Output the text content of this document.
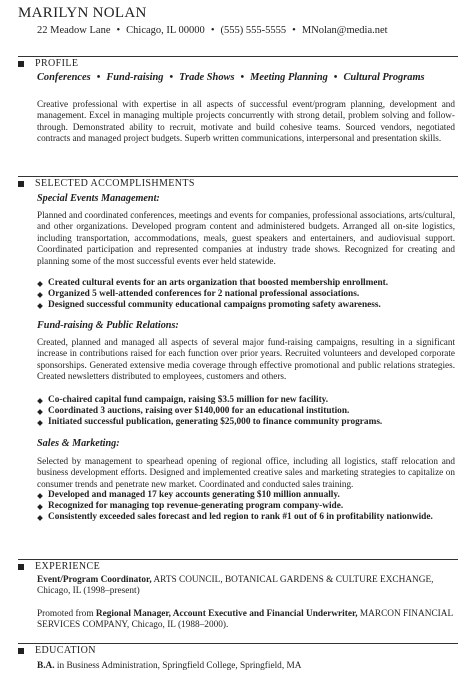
MARILYN NOLAN
22 Meadow Lane • Chicago, IL 00000 • (555) 555-5555 • MNolan@media.net
PROFILE
Conferences • Fund-raising • Trade Shows • Meeting Planning • Cultural Programs
Creative professional with expertise in all aspects of successful event/program planning, development and management. Excel in managing multiple projects concurrently with strong detail, problem solving and follow-through. Demonstrated ability to recruit, motivate and build cohesive teams. Sourced vendors, negotiated contracts and managed project budgets. Superb written communications, interpersonal and presentation skills.
SELECTED ACCOMPLISHMENTS
Special Events Management:
Planned and coordinated conferences, meetings and events for companies, professional associations, arts/cultural, and other organizations. Developed program content and administered budgets. Arranged all on-site logistics, including transportation, accommodations, meals, guest speakers and entertainers, and audiovisual support. Coordinated participation and represented companies at industry trade shows. Recognized for creating and planning some of the most successful events ever held statewide.
Created cultural events for an arts organization that boosted membership enrollment.
Organized 5 well-attended conferences for 2 national professional associations.
Designed successful community educational campaigns promoting safety awareness.
Fund-raising & Public Relations:
Created, planned and managed all aspects of several major fund-raising campaigns, resulting in a significant increase in contributions raised for each function over prior years. Recruited volunteers and developed corporate sponsorships. Generated extensive media coverage through effective promotional and public relations strategies. Created newsletters distributed to employees, customers and others.
Co-chaired capital fund campaign, raising $3.5 million for new facility.
Coordinated 3 auctions, raising over $140,000 for an educational institution.
Initiated successful publication, generating $25,000 to finance community programs.
Sales & Marketing:
Selected by management to spearhead opening of regional office, including all logistics, staff relocation and business development efforts. Designed and implemented creative sales and marketing strategies to capitalize on consumer trends and penetrate new market. Coordinated and conducted sales training.
Developed and managed 17 key accounts generating $10 million annually.
Recognized for managing top revenue-generating program company-wide.
Consistently exceeded sales forecast and led region to rank #1 out of 6 in profitability nationwide.
EXPERIENCE
Event/Program Coordinator, ARTS COUNCIL, BOTANICAL GARDENS & CULTURE EXCHANGE, Chicago, IL (1998–present)
Promoted from Regional Manager, Account Executive and Financial Underwriter, MARCON FINANCIAL SERVICES COMPANY, Chicago, IL (1988–2000).
EDUCATION
B.A. in Business Administration, Springfield College, Springfield, MA
